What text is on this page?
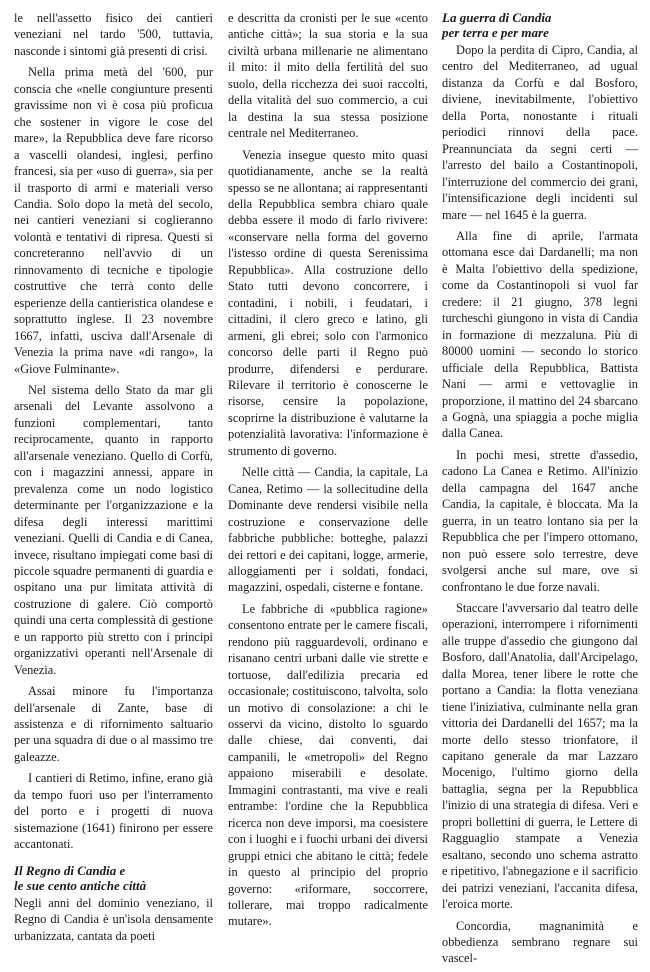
le nell'assetto fisico dei cantieri veneziani nel tardo '500, tuttavia, nasconde i sintomi già presenti di crisi.

Nella prima metà del '600, pur conscia che «nelle congiunture presenti gravissime non vi è cosa più proficua che sostener in vigore le cose del mare», la Repubblica deve fare ricorso a vascelli olandesi, inglesi, perfino francesi, sia per «uso di guerra», sia per il trasporto di armi e materiali verso Candia. Solo dopo la metà del secolo, nei cantieri veneziani si coglieranno volontà e tentativi di ripresa. Questi si concreteranno nell'avvio di un rinnovamento di tecniche e tipologie costruttive che terrà conto delle esperienze della cantieristica olandese e soprattutto inglese. Il 23 novembre 1667, infatti, usciva dall'Arsenale di Venezia la prima nave «di rango», la «Giove Fulminante».

Nel sistema dello Stato da mar gli arsenali del Levante assolvono a funzioni complementari, tanto reciprocamente, quanto in rapporto all'arsenale veneziano. Quello di Corfù, con i magazzini annessi, appare in prevalenza come un nodo logistico determinante per l'organizzazione e la difesa degli interessi marittimi veneziani. Quelli di Candia e di Canea, invece, risultano impiegati come basi di piccole squadre permanenti di guardia e ospitano una pur limitata attività di costruzione di galere. Ciò comportò quindi una certa complessità di gestione e un rapporto più stretto con i principi organizzativi operanti nell'Arsenale di Venezia.

Assai minore fu l'importanza dell'arsenale di Zante, base di assistenza e di rifornimento saltuario per una squadra di due o al massimo tre galeazze.

I cantieri di Retimo, infine, erano già da tempo fuori uso per l'interramento del porto e i progetti di nuova sistemazione (1641) finirono per essere accantonati.

Il Regno di Candia e
le sue cento antiche città

Negli anni del dominio veneziano, il Regno di Candia è un'isola densamente urbanizzata, cantata da poeti

e descritta da cronisti per le sue «cento antiche città»; la sua storia e la sua civiltà urbana millenarie ne alimentano il mito: il mito della fertilità del suo suolo, della ricchezza dei suoi raccolti, della vitalità del suo commercio, a cui la destina la sua stessa posizione centrale nel Mediterraneo.

Venezia insegue questo mito quasi quotidianamente, anche se la realtà spesso se ne allontana; ai rappresentanti della Repubblica sembra chiaro quale debba essere il modo di farlo rivivere: «conservare nella forma del governo l'istesso ordine di questa Serenissima Repubblica». Alla costruzione dello Stato tutti devono concorrere, i contadini, i nobili, i feudatari, i cittadini, il clero greco e latino, gli armeni, gli ebrei; solo con l'armonico concorso delle parti il Regno può produrre, difendersi e perdurare. Rilevare il territorio è conoscerne le risorse, censire la popolazione, scoprirne la distribuzione è valutarne la potenzialità lavorativa: l'informazione è strumento di governo.

Nelle città — Candia, la capitale, La Canea, Retimo — la sollecitudine della Dominante deve rendersi visibile nella costruzione e conservazione delle fabbriche pubbliche: botteghe, palazzi dei rettori e dei capitani, logge, armerie, alloggiamenti per i soldati, fondaci, magazzini, ospedali, cisterne e fontane.

Le fabbriche di «pubblica ragione» consentono entrate per le camere fiscali, rendono più ragguardevoli, ordinano e risanano centri urbani dalle vie strette e tortuose, dall'edilizia precaria ed occasionale; costituiscono, talvolta, solo un motivo di consolazione: a chi le osservi da vicino, distolto lo sguardo dalle chiese, dai conventi, dai campanili, le «metropoli» del Regno appaiono miserabili e desolate. Immagini contrastanti, ma vive e reali entrambe: l'ordine che la Repubblica ricerca non deve imporsi, ma coesistere con i luoghi e i fuochi urbani dei diversi gruppi etnici che abitano le città; fedele in questo al principio del proprio governo: «riformare, soccorrere, tollerare, mai troppo radicalmente mutare».

La guerra di Candia
per terra e per mare

Dopo la perdita di Cipro, Candia, al centro del Mediterraneo, ad ugual distanza da Corfù e dal Bosforo, diviene, inevitabilmente, l'obiettivo della Porta, nonostante i rituali periodici rinnovi della pace. Preannunciata da segni certi — l'arresto del bailo a Costantinopoli, l'interruzione del commercio dei grani, l'intensificazione degli incidenti sul mare — nel 1645 è la guerra.

Alla fine di aprile, l'armata ottomana esce dai Dardanelli; ma non è Malta l'obiettivo della spedizione, come da Costantinopoli si vuol far credere: il 21 giugno, 378 legni turcheschi giungono in vista di Candia in formazione di mezzaluna. Più di 80000 uomini — secondo lo storico ufficiale della Repubblica, Battista Nani — armi e vettovaglie in proporzione, il mattino del 24 sbarcano a Gognà, una spiaggia a poche miglia dalla Canea.

In pochi mesi, strette d'assedio, cadono La Canea e Retimo. All'inizio della campagna del 1647 anche Candia, la capitale, è bloccata. Ma la guerra, in un teatro lontano sia per la Repubblica che per l'impero ottomano, non può essere solo terrestre, deve svolgersi anche sul mare, ove si confrontano le due forze navali.

Staccare l'avversario dal teatro delle operazioni, interrompere i rifornimenti alle truppe d'assedio che giungono dal Bosforo, dall'Anatolia, dall'Arcipelago, dalla Morea, tener libere le rotte che portano a Candia: la flotta veneziana tiene l'iniziativa, culminante nella gran vittoria dei Dardanelli del 1657; ma la morte dello stesso trionfatore, il capitano generale da mar Lazzaro Mocenigo, l'ultimo giorno della battaglia, segna per la Repubblica l'inizio di una strategia di difesa. Veri e propri bollettini di guerra, le Lettere di Ragguaglio stampate a Venezia esaltano, secondo uno schema astratto e ripetitivo, l'abnegazione e il sacrificio dei patrizi veneziani, l'accanita difesa, l'eroica morte.

Concordia, magnanimità e obbedienza sembrano regnare sui vascel-
